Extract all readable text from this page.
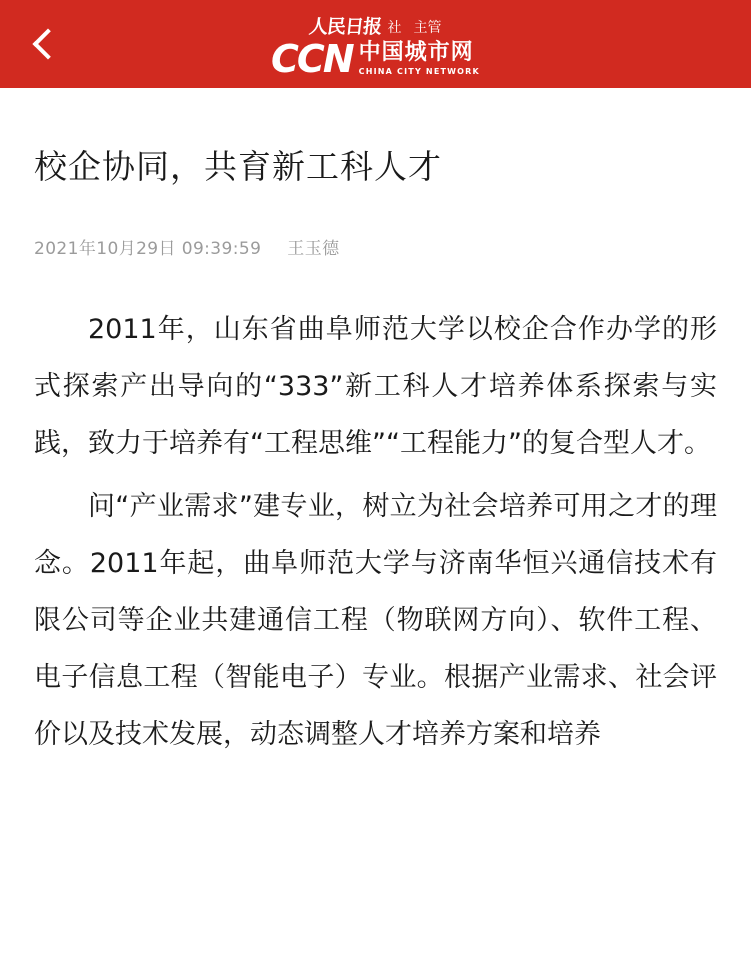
人民日报 社 主管
CCN 中国城市网
CHINA CITY NETWORK
校企协同，共育新工科人才
2021年10月29日 09:39:59 王玉德

2011年，山东省曲阜师范大学以校企合作办学的形式探索产出导向的“333”新工科人才培养体系探索与实践，致力于培养有“工程思维”“工程能力”的复合型人才。

问“产业需求”建专业，树立为社会培养可用之才的理念。2011年起，曲阜师范大学与济南华恒兴通信技术有限公司等企业共建通信工程（物联网方向）、软件工程、电子信息工程（智能电子）专业。根据产业需求、社会评价以及技术发展，动态调整人才培养方案和培养
